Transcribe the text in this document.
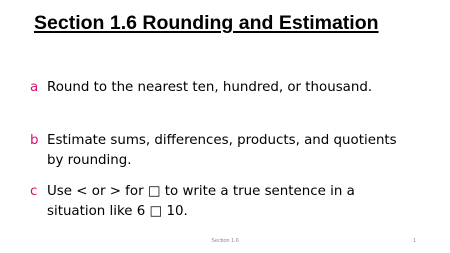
Section 1.6 Rounding and Estimation
a Round to the nearest ten, hundred, or thousand.
b Estimate sums, differences, products, and quotients by rounding.
c Use < or > for □ to write a true sentence in a situation like 6 □ 10.
Section 1.6	1
